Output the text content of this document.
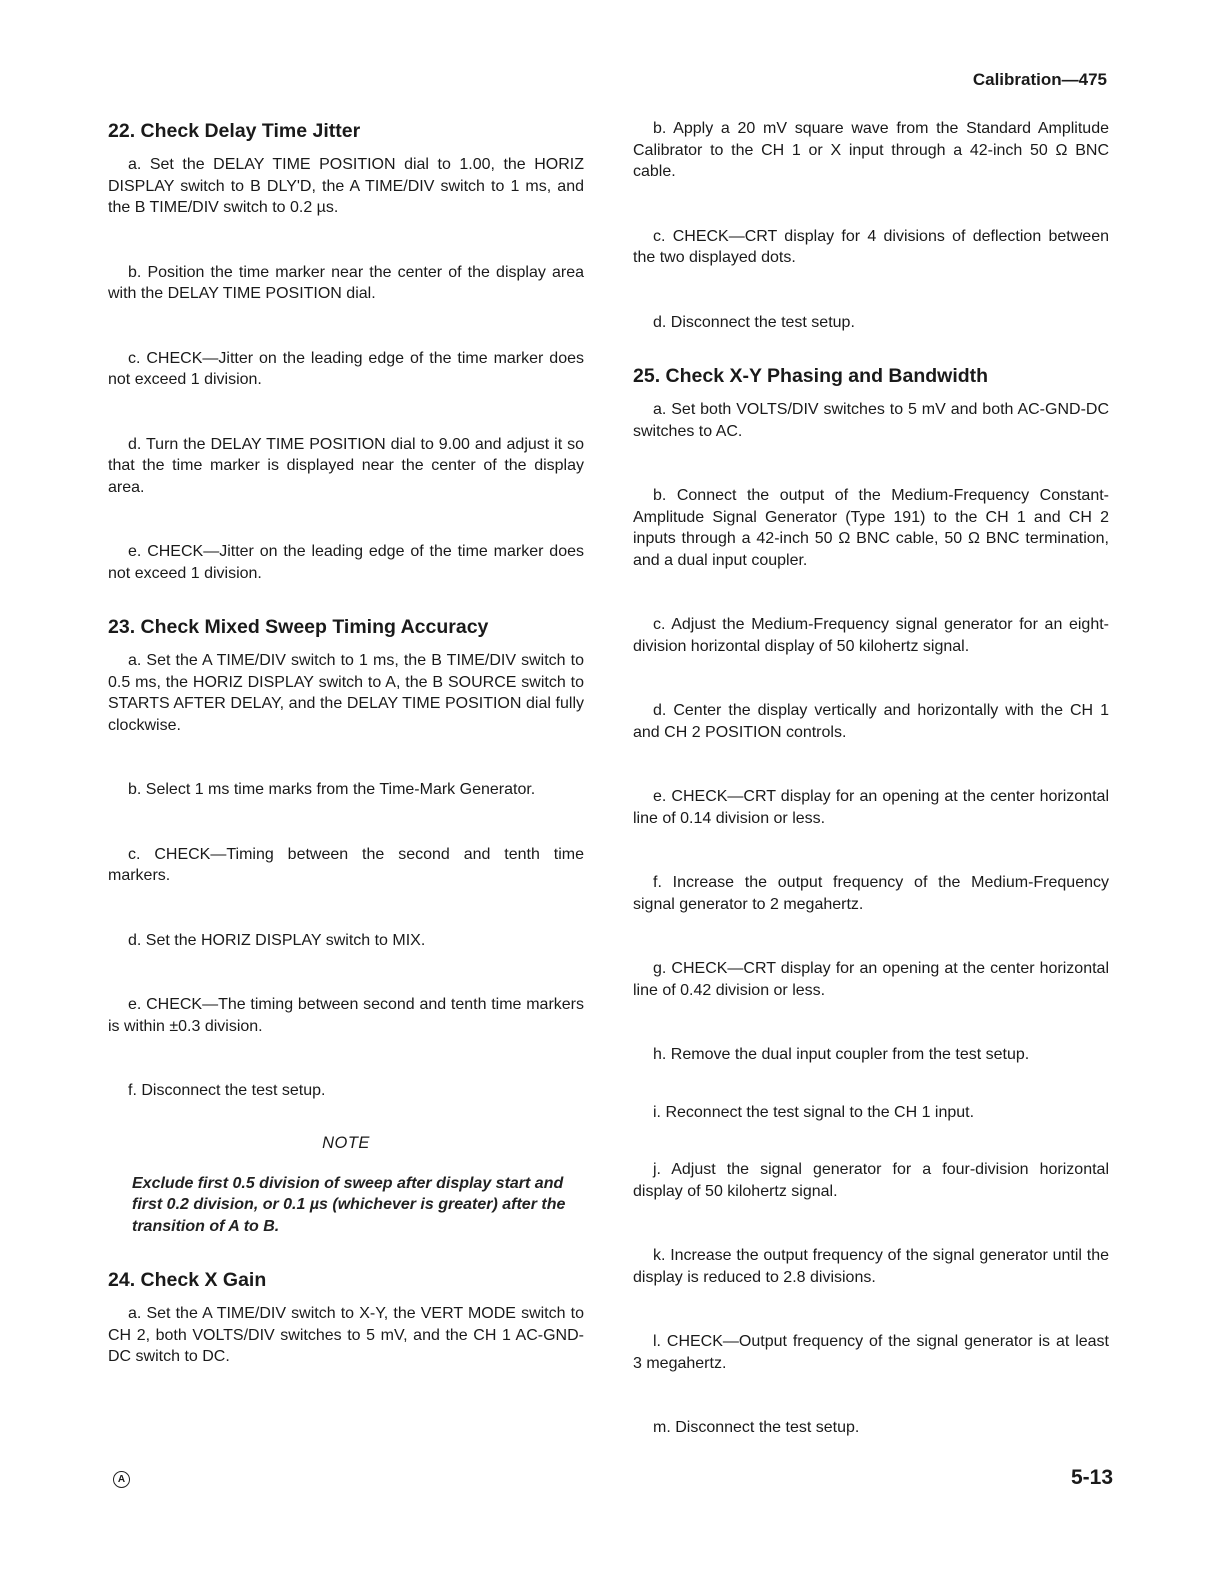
Calibration—475
22. Check Delay Time Jitter

a. Set the DELAY TIME POSITION dial to 1.00, the HORIZ DISPLAY switch to B DLY'D, the A TIME/DIV switch to 1 ms, and the B TIME/DIV switch to 0.2 µs.

b. Position the time marker near the center of the display area with the DELAY TIME POSITION dial.

c. CHECK—Jitter on the leading edge of the time marker does not exceed 1 division.

d. Turn the DELAY TIME POSITION dial to 9.00 and adjust it so that the time marker is displayed near the center of the display area.

e. CHECK—Jitter on the leading edge of the time marker does not exceed 1 division.

23. Check Mixed Sweep Timing Accuracy

a. Set the A TIME/DIV switch to 1 ms, the B TIME/DIV switch to 0.5 ms, the HORIZ DISPLAY switch to A, the B SOURCE switch to STARTS AFTER DELAY, and the DELAY TIME POSITION dial fully clockwise.

b. Select 1 ms time marks from the Time-Mark Generator.

c. CHECK—Timing between the second and tenth time markers.

d. Set the HORIZ DISPLAY switch to MIX.

e. CHECK—The timing between second and tenth time markers is within ±0.3 division.

f. Disconnect the test setup.

NOTE

Exclude first 0.5 division of sweep after display start and first 0.2 division, or 0.1 µs (whichever is greater) after the transition of A to B.

24. Check X Gain

a. Set the A TIME/DIV switch to X-Y, the VERT MODE switch to CH 2, both VOLTS/DIV switches to 5 mV, and the CH 1 AC-GND-DC switch to DC.

b. Apply a 20 mV square wave from the Standard Amplitude Calibrator to the CH 1 or X input through a 42-inch 50 Ω BNC cable.

c. CHECK—CRT display for 4 divisions of deflection between the two displayed dots.

d. Disconnect the test setup.

25. Check X-Y Phasing and Bandwidth

a. Set both VOLTS/DIV switches to 5 mV and both AC-GND-DC switches to AC.

b. Connect the output of the Medium-Frequency Constant-Amplitude Signal Generator (Type 191) to the CH 1 and CH 2 inputs through a 42-inch 50 Ω BNC cable, 50 Ω BNC termination, and a dual input coupler.

c. Adjust the Medium-Frequency signal generator for an eight-division horizontal display of 50 kilohertz signal.

d. Center the display vertically and horizontally with the CH 1 and CH 2 POSITION controls.

e. CHECK—CRT display for an opening at the center horizontal line of 0.14 division or less.

f. Increase the output frequency of the Medium-Frequency signal generator to 2 megahertz.

g. CHECK—CRT display for an opening at the center horizontal line of 0.42 division or less.

h. Remove the dual input coupler from the test setup.

i. Reconnect the test signal to the CH 1 input.

j. Adjust the signal generator for a four-division horizontal display of 50 kilohertz signal.

k. Increase the output frequency of the signal generator until the display is reduced to 2.8 divisions.

l. CHECK—Output frequency of the signal generator is at least 3 megahertz.

m. Disconnect the test setup.

A	5-13
